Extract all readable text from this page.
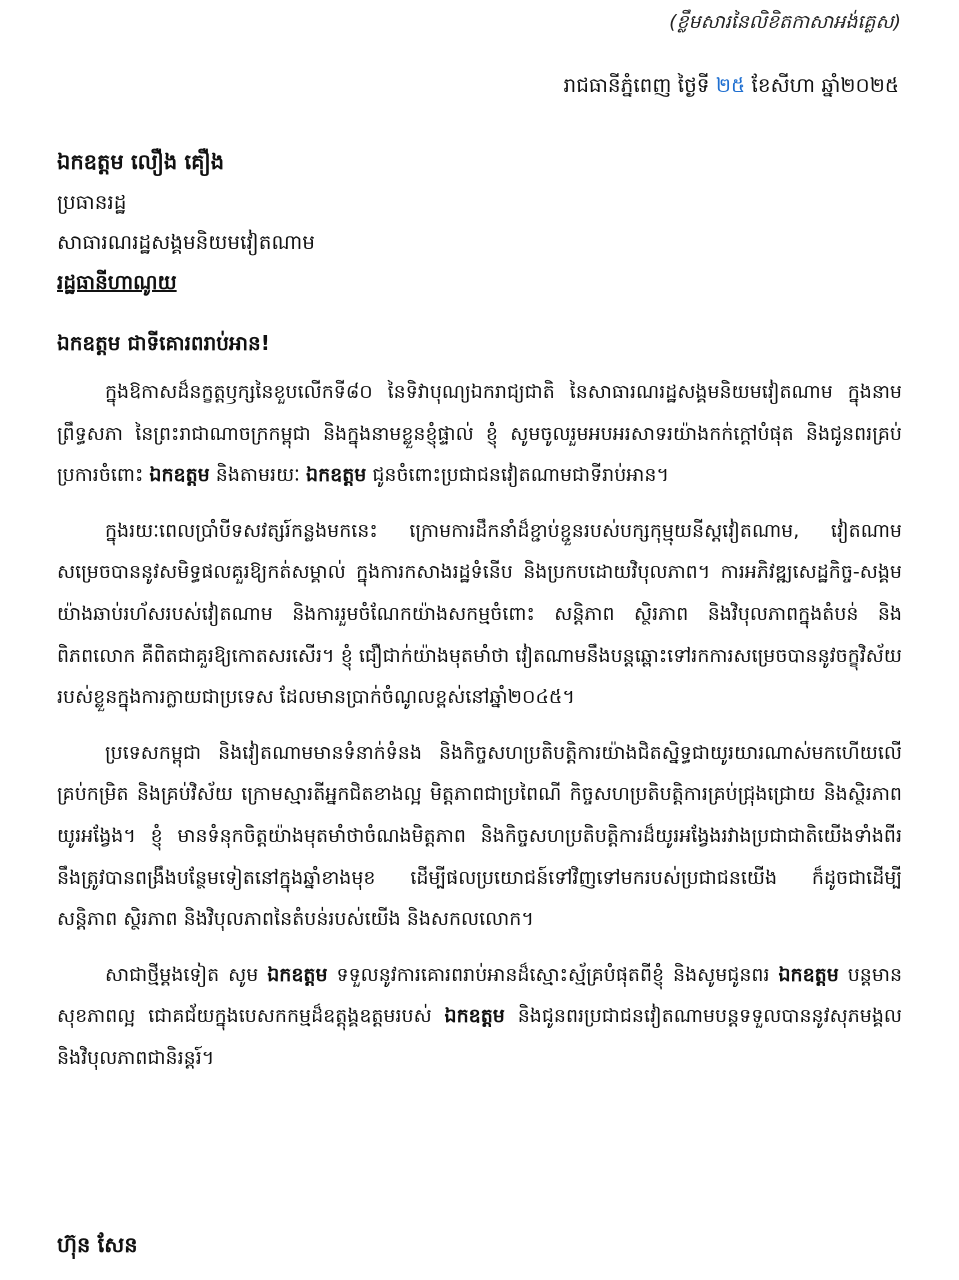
(ខ្លឹមសារនៃលិខិតកាសាអង់គ្លេស)
រាជធានីភ្នំពេញ ថ្ងៃទី ២៥ ខែសីហា ឆ្នាំ២០២៥
ឯកឧត្តម លឿង គឿង
ប្រធានរដ្ឋ
សាធារណរដ្ឋសង្គមនិយមវៀតណាម
រដ្ឋធានីហាណូយ
ឯកឧត្តម ជាទីគោរពរាប់អាន!

ក្នុងឱកាសដ៏នក្ខត្តឫក្សនៃខួបលើកទី៨០ នៃទិវាបុណ្យឯករាជ្យជាតិ នៃសាធារណរដ្ឋសង្គមនិយមវៀតណាម ក្នុងនាមព្រឹទ្ធសភា នៃព្រះរាជាណាចក្រកម្ពុជា និងក្នុងនាមខ្លួនខ្ញុំផ្ទាល់ ខ្ញុំ សូមចូលរួមអបអរសាទរយ៉ាងកក់ក្ដៅបំផុត និងជូនពរគ្រប់ប្រការចំពោះ ឯកឧត្តម និងតាមរយៈ ឯកឧត្តម ជូនចំពោះប្រជាជនវៀតណាមជាទីរាប់អាន។

ក្នុងរយៈពេលប្រាំបីទសវត្សរ៍កន្លងមកនេះ ក្រោមការដឹកនាំដ៏ខ្ជាប់ខ្ជួនរបស់បក្សកុម្មុយនីស្ដវៀតណាម, វៀតណាម សម្រេចបាននូវសមិទ្ធផលគួរឱ្យកត់សម្គាល់ ក្នុងការកសាងរដ្ឋទំនើប និងប្រកបដោយវិបុលភាព។ ការអភិវឌ្ឍសេដ្ឋកិច្ច-សង្គមយ៉ាងឆាប់រហ័សរបស់វៀតណាម និងការរួមចំណែកយ៉ាងសកម្មចំពោះ សន្តិភាព ស្ថិរភាព និងវិបុលភាពក្នុងតំបន់ និងពិភពលោក គឺពិតជាគួរឱ្យកោតសរសើរ។ ខ្ញុំ ជឿជាក់យ៉ាងមុតមាំថា វៀតណាមនឹងបន្តឆ្ពោះទៅរកការសម្រេចបាននូវចក្ខុវិស័យរបស់ខ្លួនក្នុងការក្លាយជាប្រទេស ដែលមានប្រាក់ចំណូលខ្ពស់នៅឆ្នាំ២០៤៥។

ប្រទេសកម្ពុជា និងវៀតណាមមានទំនាក់ទំនង និងកិច្ចសហប្រតិបត្តិការយ៉ាងជិតស្និទ្ធជាយូរយារណាស់មកហើយលើគ្រប់កម្រិត និងគ្រប់វិស័យ ក្រោមស្មារតីអ្នកជិតខាងល្អ មិត្តភាពជាប្រពៃណី កិច្ចសហប្រតិបត្តិការគ្រប់ជ្រុងជ្រោយ និងស្ថិរភាពយូរអង្វែង។ ខ្ញុំ មានទំនុកចិត្តយ៉ាងមុតមាំថាចំណងមិត្តភាព និងកិច្ចសហប្រតិបត្តិការដ៏យូរអង្វែងរវាងប្រជាជាតិយើងទាំងពីរ នឹងត្រូវបានពង្រឹងបន្ថែមទៀតនៅក្នុងឆ្នាំខាងមុខ ដើម្បីផលប្រយោជន៍ទៅវិញទៅមករបស់ប្រជាជនយើង ក៏ដូចជាដើម្បីសន្តិភាព ស្ថិរភាព និងវិបុលភាពនៃតំបន់របស់យើង និងសកលលោក។

សាជាថ្មីម្ដងទៀត សូម ឯកឧត្តម ទទួលនូវការគោរពរាប់អានដ៏ស្មោះស្ម័គ្របំផុតពីខ្ញុំ និងសូមជូនពរ ឯកឧត្តម បន្តមានសុខភាពល្អ ជោគជ័យក្នុងបេសកកម្មដ៏ឧត្តុង្គឧត្តមរបស់ ឯកឧត្តម និងជូនពរប្រជាជនវៀតណាមបន្តទទួលបាននូវសុភមង្គល និងវិបុលភាពជានិរន្តរ៍។

ហ៊ុន សែន
